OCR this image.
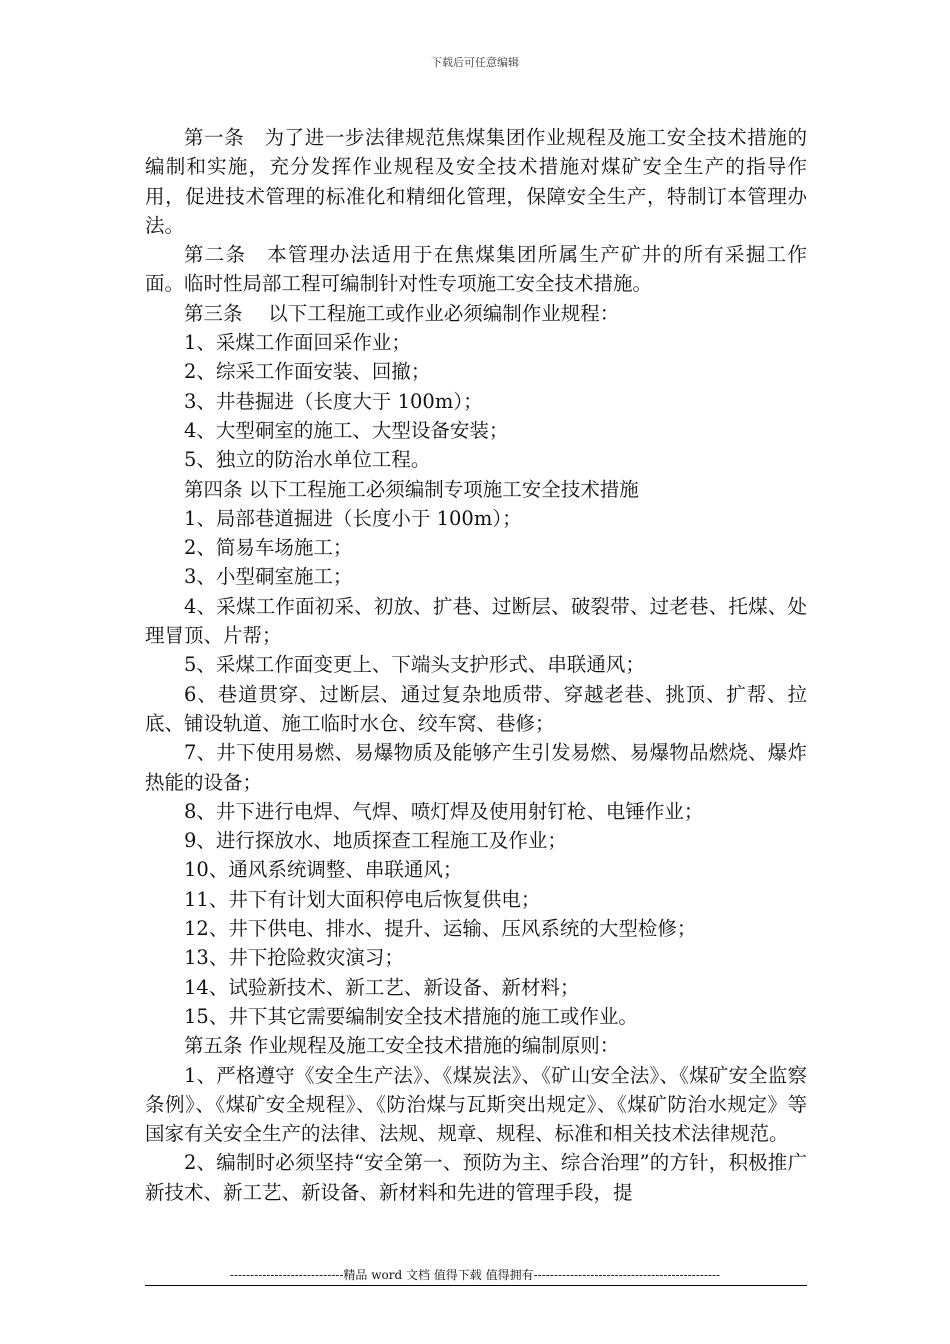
下载后可任意编辑

第一条　为了进一步法律规范焦煤集团作业规程及施工安全技术措施的编制和实施，充分发挥作业规程及安全技术措施对煤矿安全生产的指导作用，促进技术管理的标准化和精细化管理，保障安全生产，特制订本管理办法。

第二条　本管理办法适用于在焦煤集团所属生产矿井的所有采掘工作面。临时性局部工程可编制针对性专项施工安全技术措施。

第三条　 以下工程施工或作业必须编制作业规程：

1、采煤工作面回采作业；

2、综采工作面安装、回撤；

3、井巷掘进（长度大于 100m）；

4、大型硐室的施工、大型设备安装；

5、独立的防治水单位工程。

第四条 以下工程施工必须编制专项施工安全技术措施

1、局部巷道掘进（长度小于 100m）；

2、简易车场施工；

3、小型硐室施工；

4、采煤工作面初采、初放、扩巷、过断层、破裂带、过老巷、托煤、处理冒顶、片帮；

5、采煤工作面变更上、下端头支护形式、串联通风；

6、巷道贯穿、过断层、通过复杂地质带、穿越老巷、挑顶、扩帮、拉底、铺设轨道、施工临时水仓、绞车窝、巷修；

7、井下使用易燃、易爆物质及能够产生引发易燃、易爆物品燃烧、爆炸热能的设备；

8、井下进行电焊、气焊、喷灯焊及使用射钉枪、电锤作业；

9、进行探放水、地质探查工程施工及作业；

10、通风系统调整、串联通风；

11、井下有计划大面积停电后恢复供电；

12、井下供电、排水、提升、运输、压风系统的大型检修；

13、井下抢险救灾演习；

14、试验新技术、新工艺、新设备、新材料；

15、井下其它需要编制安全技术措施的施工或作业。

第五条 作业规程及施工安全技术措施的编制原则：

1、严格遵守《安全生产法》、《煤炭法》、《矿山安全法》、《煤矿安全监察条例》、《煤矿安全规程》、《防治煤与瓦斯突出规定》、《煤矿防治水规定》等国家有关安全生产的法律、法规、规章、规程、标准和相关技术法律规范。

2、编制时必须坚持“安全第一、预防为主、综合治理”的方针，积极推广新技术、新工艺、新设备、新材料和先进的管理手段，提

----------------------------精品 word 文档 值得下载 值得拥有----------------------------------------------
